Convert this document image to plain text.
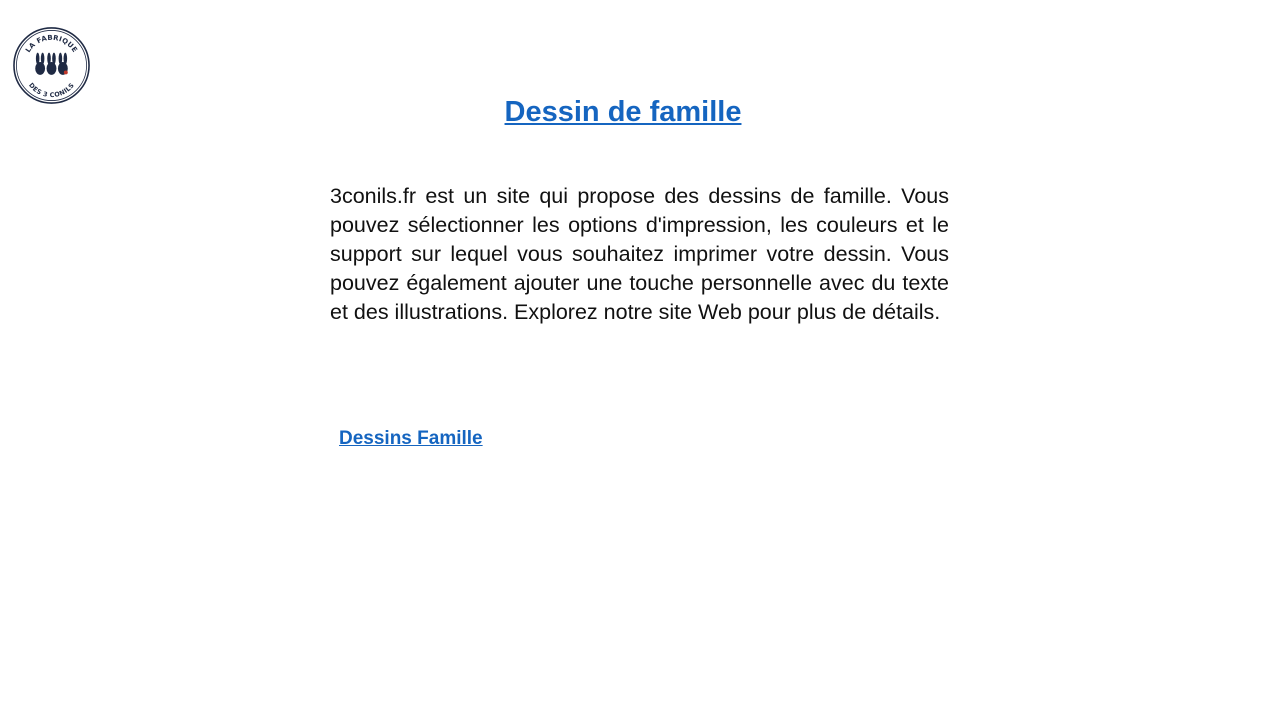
LA FABRIQUE
DES 3 CONILS
Dessin de famille

3conils.fr est un site qui propose des dessins de famille. Vous pouvez sélectionner les options d'impression, les couleurs et le support sur lequel vous souhaitez imprimer votre dessin. Vous pouvez également ajouter une touche personnelle avec du texte et des illustrations. Explorez notre site Web pour plus de détails.

Dessins Famille
